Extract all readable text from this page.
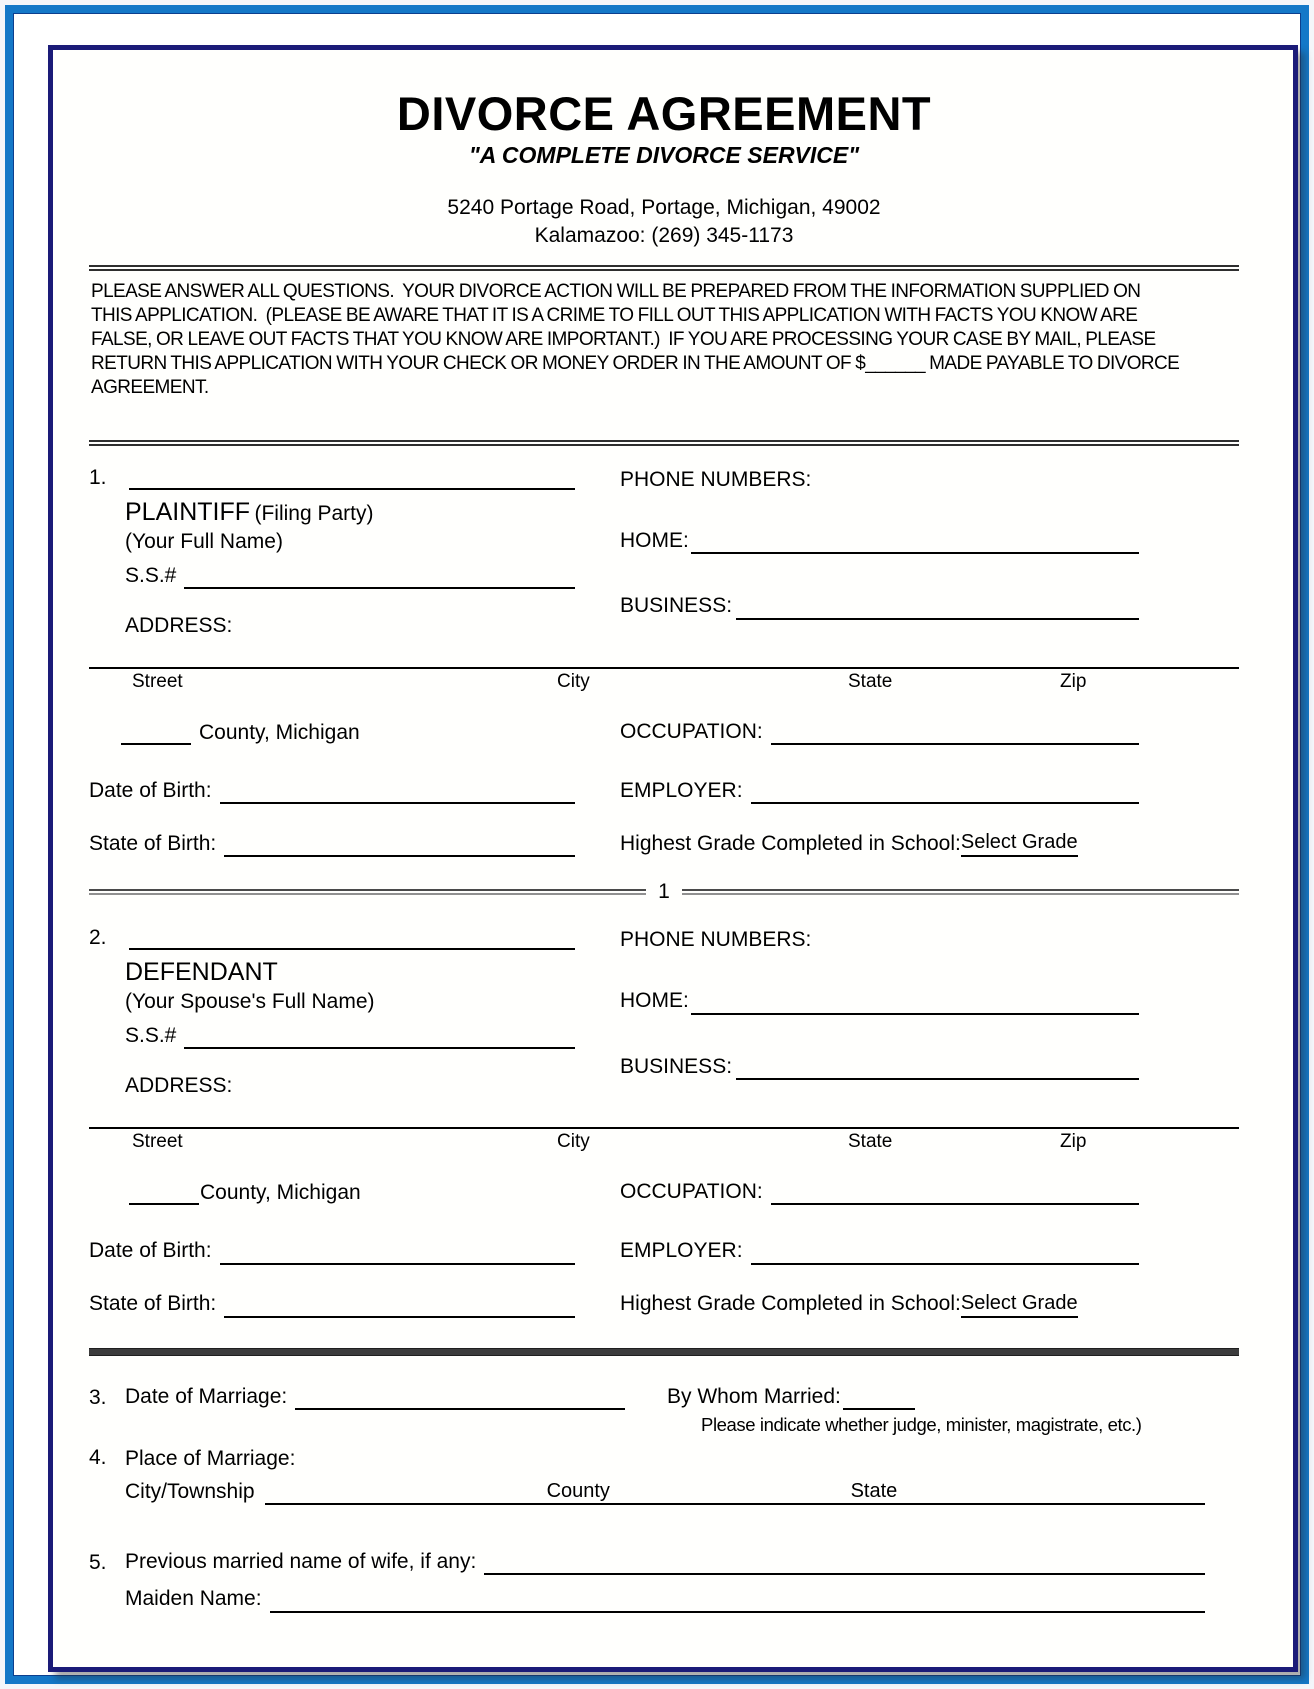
DIVORCE AGREEMENT
"A COMPLETE DIVORCE SERVICE"
5240 Portage Road, Portage, Michigan, 49002
Kalamazoo: (269) 345-1173

PLEASE ANSWER ALL QUESTIONS.  YOUR DIVORCE ACTION WILL BE PREPARED FROM THE INFORMATION SUPPLIED ON THIS APPLICATION.  (PLEASE BE AWARE THAT IT IS A CRIME TO FILL OUT THIS APPLICATION WITH FACTS YOU KNOW ARE FALSE, OR LEAVE OUT FACTS THAT YOU KNOW ARE IMPORTANT.)  IF YOU ARE PROCESSING YOUR CASE BY MAIL, PLEASE RETURN THIS APPLICATION WITH YOUR CHECK OR MONEY ORDER IN THE AMOUNT OF $______ MADE PAYABLE TO DIVORCE AGREEMENT.

1.
PLAINTIFF (Filing Party)
(Your Full Name)
S.S.#
ADDRESS:
PHONE NUMBERS:
HOME:
BUSINESS:
Street	City	State	Zip
County, Michigan	OCCUPATION:
Date of Birth:	EMPLOYER:
State of Birth:	Highest Grade Completed in School: Select Grade
1
2.
DEFENDANT
(Your Spouse's Full Name)
S.S.#
ADDRESS:
PHONE NUMBERS:
HOME:
BUSINESS:
Street	City	State	Zip
County, Michigan	OCCUPATION:
Date of Birth:	EMPLOYER:
State of Birth:	Highest Grade Completed in School: Select Grade
3. Date of Marriage:	By Whom Married:
Please indicate whether judge, minister, magistrate, etc.)
4. Place of Marriage:
City/Township	County	State
5. Previous married name of wife, if any:
Maiden Name:
